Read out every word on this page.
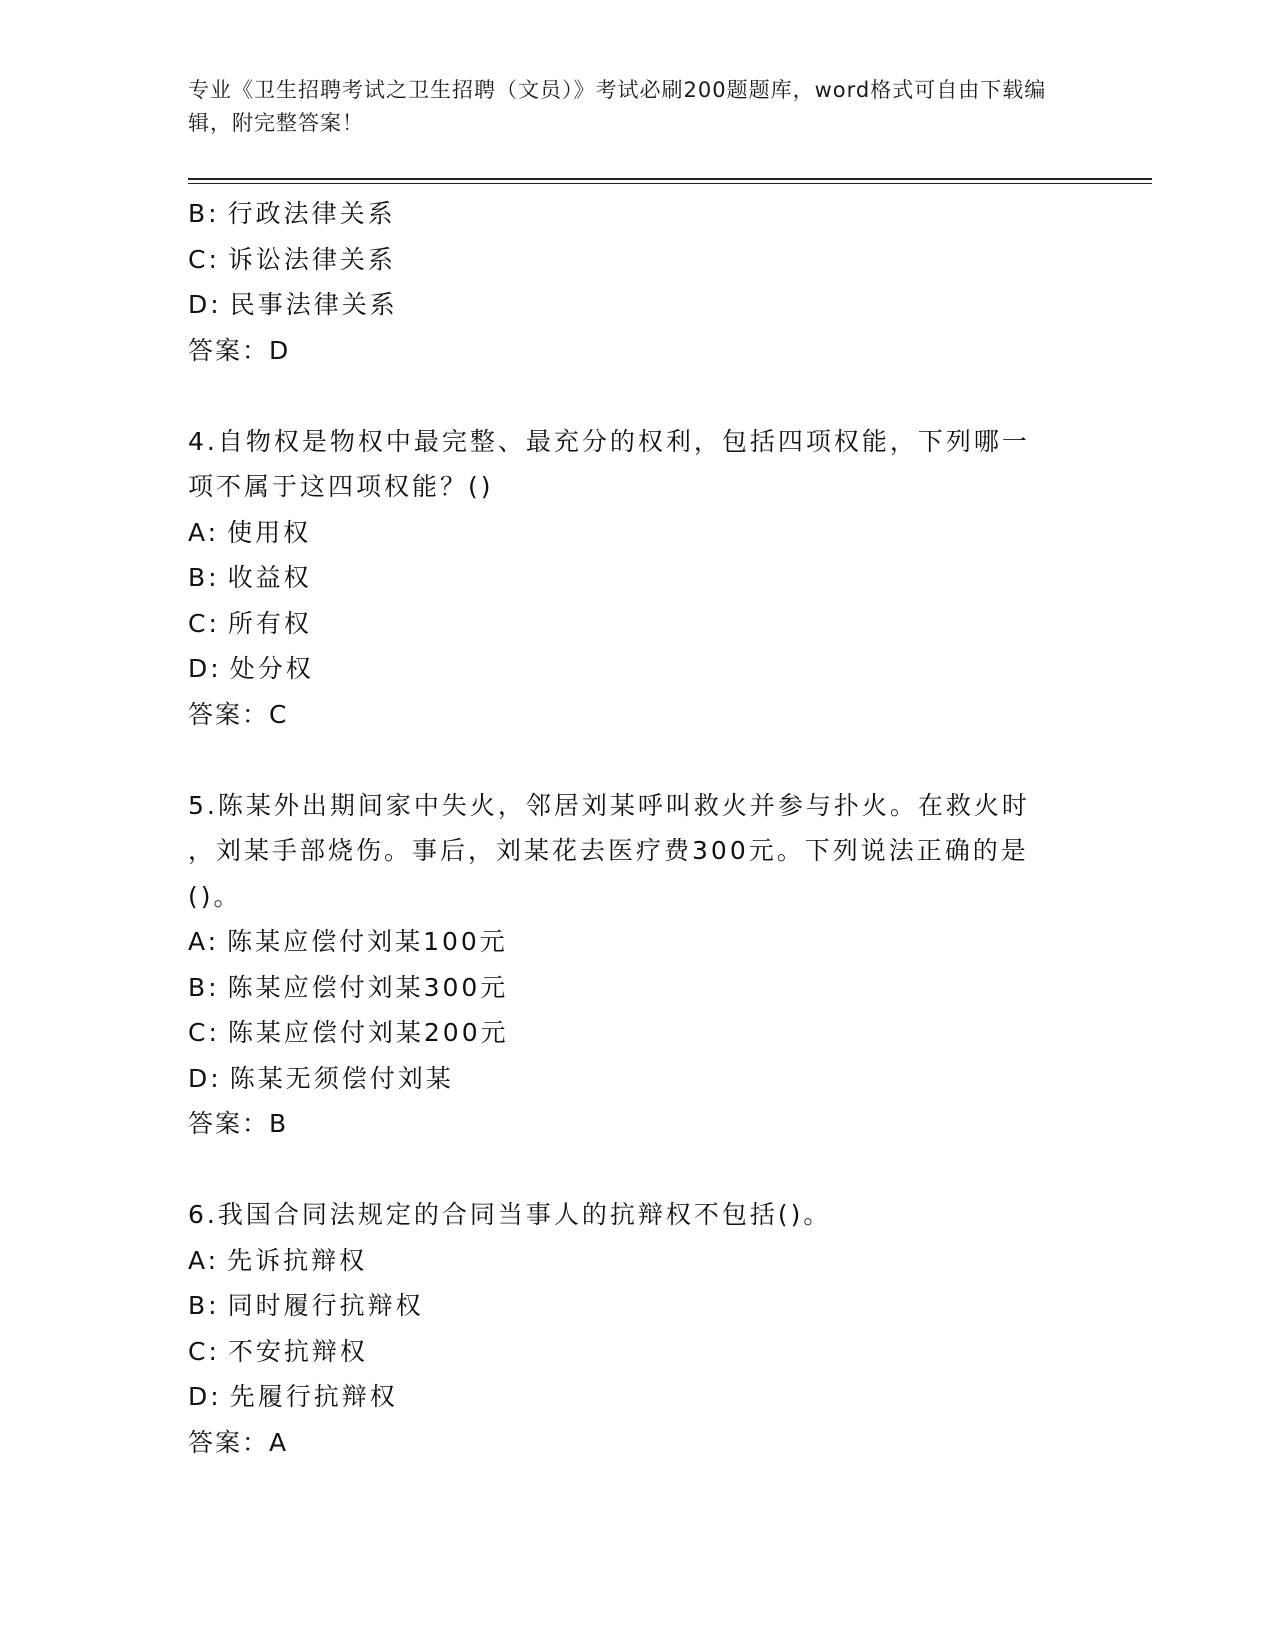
专业《卫生招聘考试之卫生招聘（文员）》考试必刷200题题库，word格式可自由下载编辑，附完整答案！

B: 行政法律关系

C: 诉讼法律关系

D: 民事法律关系

答案：D

4.自物权是物权中最完整、最充分的权利，包括四项权能，下列哪一

项不属于这四项权能？()

A: 使用权

B: 收益权

C: 所有权

D: 处分权

答案：C

5.陈某外出期间家中失火，邻居刘某呼叫救火并参与扑火。在救火时

，刘某手部烧伤。事后，刘某花去医疗费300元。下列说法正确的是

()。

A: 陈某应偿付刘某100元

B: 陈某应偿付刘某300元

C: 陈某应偿付刘某200元

D: 陈某无须偿付刘某

答案：B

6.我国合同法规定的合同当事人的抗辩权不包括()。

A: 先诉抗辩权

B: 同时履行抗辩权

C: 不安抗辩权

D: 先履行抗辩权

答案：A
